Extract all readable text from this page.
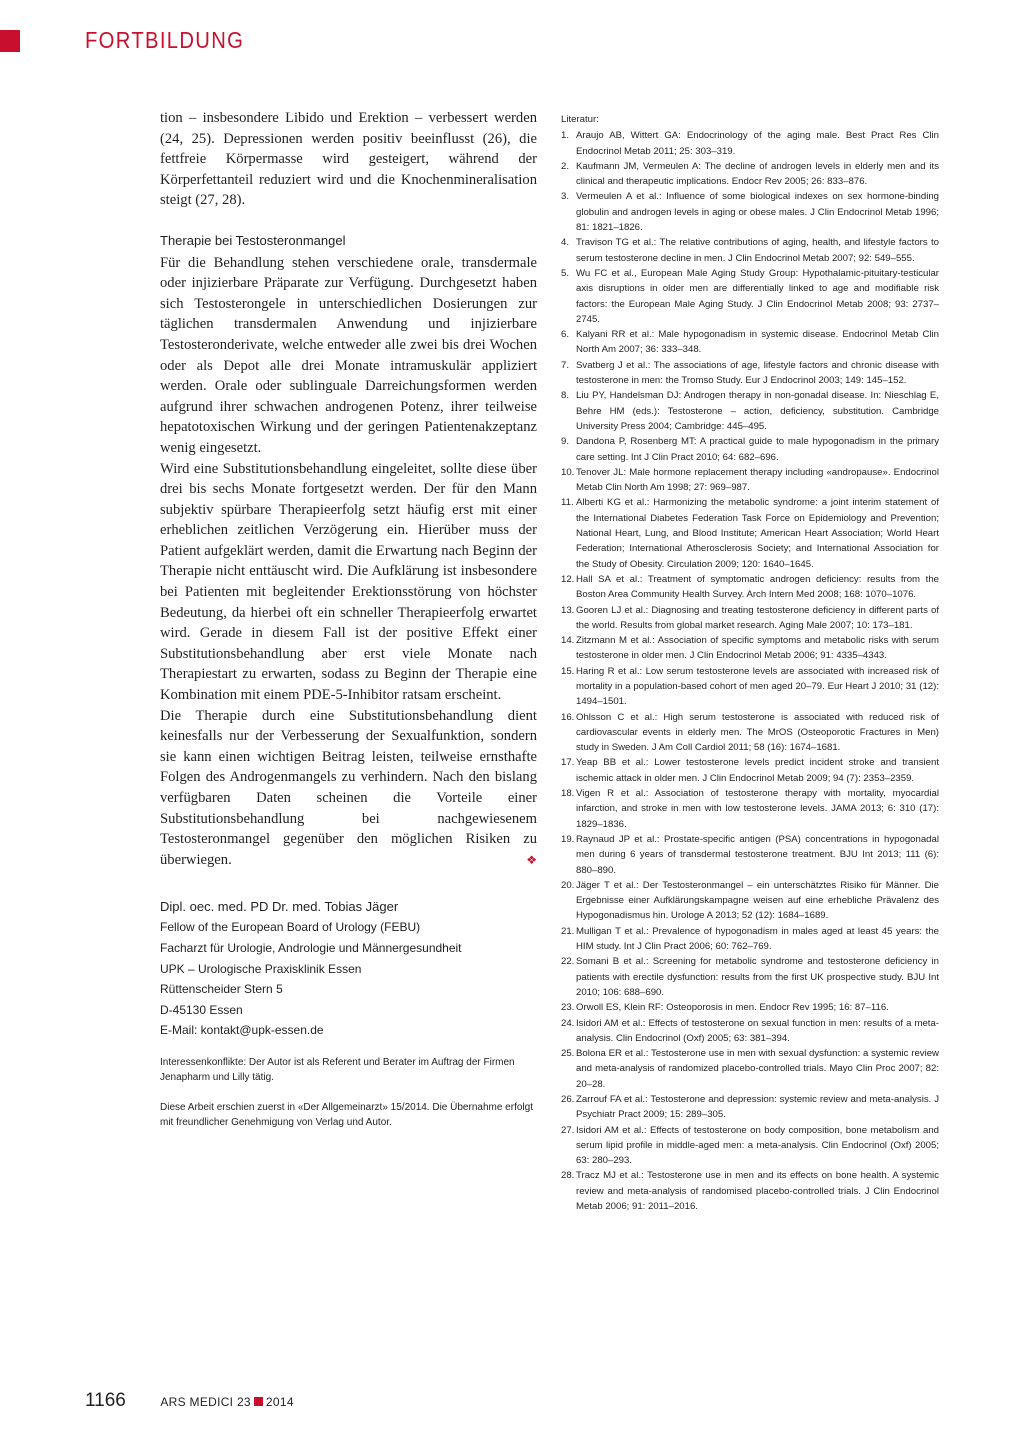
FORTBILDUNG

tion – insbesondere Libido und Erektion – verbessert werden (24, 25). Depressionen werden positiv beeinflusst (26), die fettfreie Körpermasse wird gesteigert, während der Körperfettanteil reduziert wird und die Knochenmineralisation steigt (27, 28).

Therapie bei Testosteronmangel

Für die Behandlung stehen verschiedene orale, transdermale oder injizierbare Präparate zur Verfügung. Durchgesetzt haben sich Testosterongele in unterschiedlichen Dosierungen zur täglichen transdermalen Anwendung und injizierbare Testosteronderivate, welche entweder alle zwei bis drei Wochen oder als Depot alle drei Monate intramuskulär appliziert werden. Orale oder sublinguale Darreichungsformen werden aufgrund ihrer schwachen androgenen Potenz, ihrer teilweise hepatotoxischen Wirkung und der geringen Patientenakzeptanz wenig eingesetzt.

Wird eine Substitutionsbehandlung eingeleitet, sollte diese über drei bis sechs Monate fortgesetzt werden. Der für den Mann subjektiv spürbare Therapieerfolg setzt häufig erst mit einer erheblichen zeitlichen Verzögerung ein. Hierüber muss der Patient aufgeklärt werden, damit die Erwartung nach Beginn der Therapie nicht enttäuscht wird. Die Aufklärung ist insbesondere bei Patienten mit begleitender Erektionsstörung von höchster Bedeutung, da hierbei oft ein schneller Therapieerfolg erwartet wird. Gerade in diesem Fall ist der positive Effekt einer Substitutionsbehandlung aber erst viele Monate nach Therapiestart zu erwarten, sodass zu Beginn der Therapie eine Kombination mit einem PDE-5-Inhibitor ratsam erscheint.

Die Therapie durch eine Substitutionsbehandlung dient keinesfalls nur der Verbesserung der Sexualfunktion, sondern sie kann einen wichtigen Beitrag leisten, teilweise ernsthafte Folgen des Androgenmangels zu verhindern. Nach den bislang verfügbaren Daten scheinen die Vorteile einer Substitutionsbehandlung bei nachgewiesenem Testosteronmangel gegenüber den möglichen Risiken zu überwiegen.	❖

Dipl. oec. med. PD Dr. med. Tobias Jäger
Fellow of the European Board of Urology (FEBU)
Facharzt für Urologie, Andrologie und Männergesundheit
UPK – Urologische Praxisklinik Essen
Rüttenscheider Stern 5
D-45130 Essen
E-Mail: kontakt@upk-essen.de
Interessenkonflikte: Der Autor ist als Referent und Berater im Auftrag der Firmen Jenapharm und Lilly tätig.
Diese Arbeit erschien zuerst in «Der Allgemeinarzt» 15/2014. Die Übernahme erfolgt mit freundlicher Genehmigung von Verlag und Autor.
Literatur:
1. Araujo AB, Wittert GA: Endocrinology of the aging male. Best Pract Res Clin Endocrinol Metab 2011; 25: 303–319.
2. Kaufmann JM, Vermeulen A: The decline of androgen levels in elderly men and its clinical and therapeutic implications. Endocr Rev 2005; 26: 833–876.
3. Vermeulen A et al.: Influence of some biological indexes on sex hormone-binding globulin and androgen levels in aging or obese males. J Clin Endocrinol Metab 1996; 81: 1821–1826.
4. Travison TG et al.: The relative contributions of aging, health, and lifestyle factors to serum testosterone decline in men. J Clin Endocrinol Metab 2007; 92: 549–555.
5. Wu FC et al., European Male Aging Study Group: Hypothalamic-pituitary-testicular axis disruptions in older men are differentially linked to age and modifiable risk factors: the European Male Aging Study. J Clin Endocrinol Metab 2008; 93: 2737–2745.
6. Kalyani RR et al.: Male hypogonadism in systemic disease. Endocrinol Metab Clin North Am 2007; 36: 333–348.
7. Svatberg J et al.: The associations of age, lifestyle factors and chronic disease with testosterone in men: the Tromso Study. Eur J Endocrinol 2003; 149: 145–152.
8. Liu PY, Handelsman DJ: Androgen therapy in non-gonadal disease. In: Nieschlag E, Behre HM (eds.): Testosterone – action, deficiency, substitution. Cambridge University Press 2004; Cambridge: 445–495.
9. Dandona P, Rosenberg MT: A practical guide to male hypogonadism in the primary care setting. Int J Clin Pract 2010; 64: 682–696.
10. Tenover JL: Male hormone replacement therapy including «andropause». Endocrinol Metab Clin North Am 1998; 27: 969–987.
11. Alberti KG et al.: Harmonizing the metabolic syndrome: a joint interim statement of the International Diabetes Federation Task Force on Epidemiology and Prevention; National Heart, Lung, and Blood Institute; American Heart Association; World Heart Federation; International Atherosclerosis Society; and International Association for the Study of Obesity. Circulation 2009; 120: 1640–1645.
12. Hall SA et al.: Treatment of symptomatic androgen deficiency: results from the Boston Area Community Health Survey. Arch Intern Med 2008; 168: 1070–1076.
13. Gooren LJ et al.: Diagnosing and treating testosterone deficiency in different parts of the world. Results from global market research. Aging Male 2007; 10: 173–181.
14. Zitzmann M et al.: Association of specific symptoms and metabolic risks with serum testosterone in older men. J Clin Endocrinol Metab 2006; 91: 4335–4343.
15. Haring R et al.: Low serum testosterone levels are associated with increased risk of mortality in a population-based cohort of men aged 20–79. Eur Heart J 2010; 31 (12): 1494–1501.
16. Ohlsson C et al.: High serum testosterone is associated with reduced risk of cardiovascular events in elderly men. The MrOS (Osteoporotic Fractures in Men) study in Sweden. J Am Coll Cardiol 2011; 58 (16): 1674–1681.
17. Yeap BB et al.: Lower testosterone levels predict incident stroke and transient ischemic attack in older men. J Clin Endocrinol Metab 2009; 94 (7): 2353–2359.
18. Vigen R et al.: Association of testosterone therapy with mortality, myocardial infarction, and stroke in men with low testosterone levels. JAMA 2013; 6: 310 (17): 1829–1836.
19. Raynaud JP et al.: Prostate-specific antigen (PSA) concentrations in hypogonadal men during 6 years of transdermal testosterone treatment. BJU Int 2013; 111 (6): 880–890.
20. Jäger T et al.: Der Testosteronmangel – ein unterschätztes Risiko für Männer. Die Ergebnisse einer Aufklärungskampagne weisen auf eine erhebliche Prävalenz des Hypogonadismus hin. Urologe A 2013; 52 (12): 1684–1689.
21. Mulligan T et al.: Prevalence of hypogonadism in males aged at least 45 years: the HIM study. Int J Clin Pract 2006; 60: 762–769.
22. Somani B et al.: Screening for metabolic syndrome and testosterone deficiency in patients with erectile dysfunction: results from the first UK prospective study. BJU Int 2010; 106: 688–690.
23. Orwoll ES, Klein RF: Osteoporosis in men. Endocr Rev 1995; 16: 87–116.
24. Isidori AM et al.: Effects of testosterone on sexual function in men: results of a meta-analysis. Clin Endocrinol (Oxf) 2005; 63: 381–394.
25. Bolona ER et al.: Testosterone use in men with sexual dysfunction: a systemic review and meta-analysis of randomized placebo-controlled trials. Mayo Clin Proc 2007; 82: 20–28.
26. Zarrouf FA et al.: Testosterone and depression: systemic review and meta-analysis. J Psychiatr Pract 2009; 15: 289–305.
27. Isidori AM et al.: Effects of testosterone on body composition, bone metabolism and serum lipid profile in middle-aged men: a meta-analysis. Clin Endocrinol (Oxf) 2005; 63: 280–293.
28. Tracz MJ et al.: Testosterone use in men and its effects on bone health. A systemic review and meta-analysis of randomised placebo-controlled trials. J Clin Endocrinol Metab 2006; 91: 2011–2016.
1166	ARS MEDICI 23 2014
